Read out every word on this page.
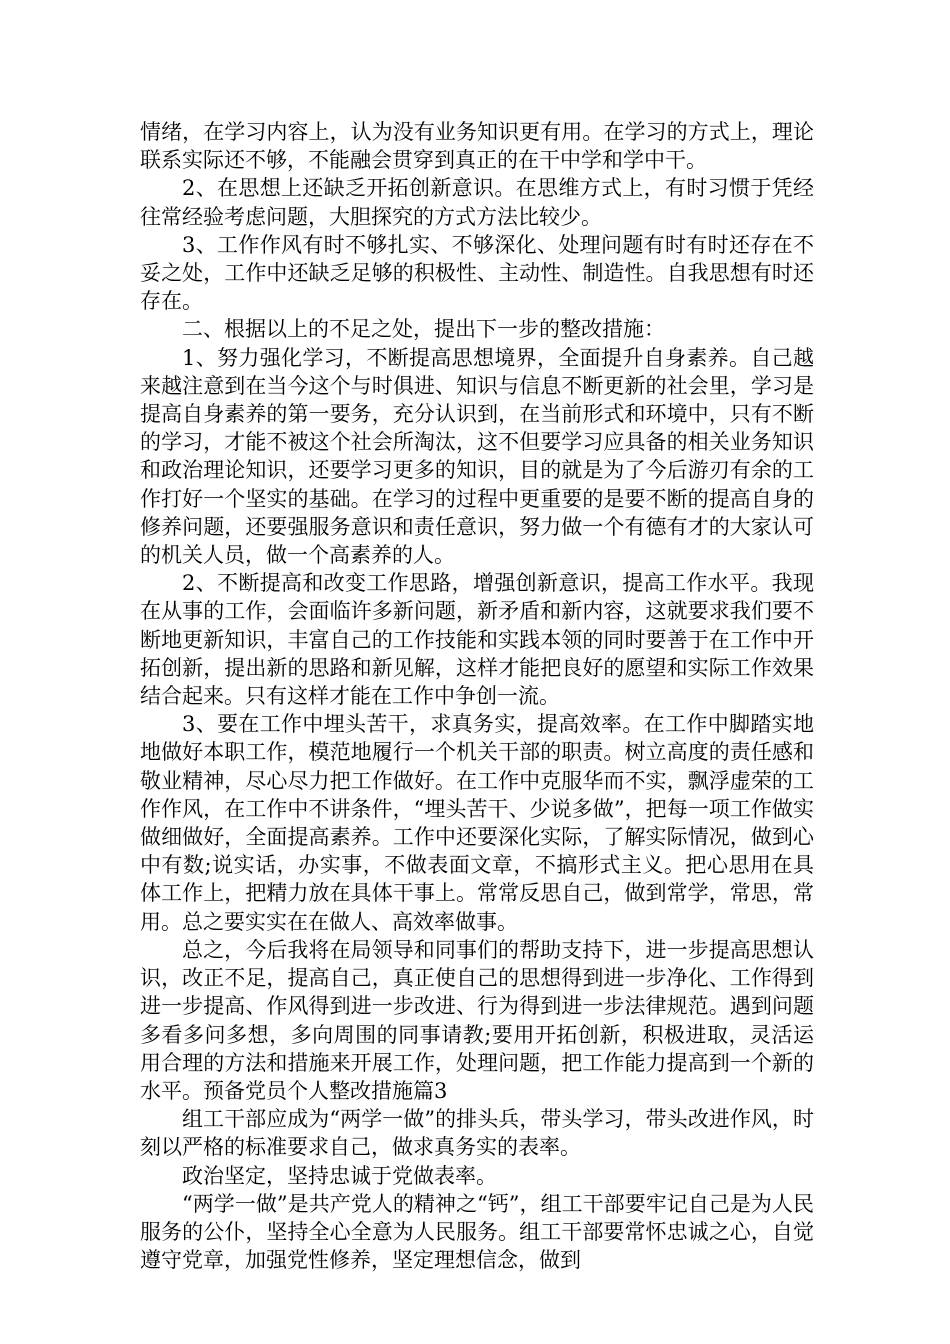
情绪，在学习内容上，认为没有业务知识更有用。在学习的方式上，理论联系实际还不够，不能融会贯穿到真正的在干中学和学中干。

2、在思想上还缺乏开拓创新意识。在思维方式上，有时习惯于凭经往常经验考虑问题，大胆探究的方式方法比较少。

3、工作作风有时不够扎实、不够深化、处理问题有时有时还存在不妥之处，工作中还缺乏足够的积极性、主动性、制造性。自我思想有时还存在。

二、根据以上的不足之处，提出下一步的整改措施：

1、努力强化学习，不断提高思想境界，全面提升自身素养。自己越来越注意到在当今这个与时俱进、知识与信息不断更新的社会里，学习是提高自身素养的第一要务，充分认识到，在当前形式和环境中，只有不断的学习，才能不被这个社会所淘汰，这不但要学习应具备的相关业务知识和政治理论知识，还要学习更多的知识，目的就是为了今后游刃有余的工作打好一个坚实的基础。在学习的过程中更重要的是要不断的提高自身的修养问题，还要强服务意识和责任意识，努力做一个有德有才的大家认可的机关人员，做一个高素养的人。

2、不断提高和改变工作思路，增强创新意识，提高工作水平。我现在从事的工作，会面临许多新问题，新矛盾和新内容，这就要求我们要不断地更新知识，丰富自己的工作技能和实践本领的同时要善于在工作中开拓创新，提出新的思路和新见解，这样才能把良好的愿望和实际工作效果结合起来。只有这样才能在工作中争创一流。

3、要在工作中埋头苦干，求真务实，提高效率。在工作中脚踏实地地做好本职工作，模范地履行一个机关干部的职责。树立高度的责任感和敬业精神，尽心尽力把工作做好。在工作中克服华而不实，飘浮虚荣的工作作风，在工作中不讲条件，“埋头苦干、少说多做”，把每一项工作做实做细做好，全面提高素养。工作中还要深化实际，了解实际情况，做到心中有数;说实话，办实事，不做表面文章，不搞形式主义。把心思用在具体工作上，把精力放在具体干事上。常常反思自己，做到常学，常思，常用。总之要实实在在做人、高效率做事。

总之，今后我将在局领导和同事们的帮助支持下，进一步提高思想认识，改正不足，提高自己，真正使自己的思想得到进一步净化、工作得到进一步提高、作风得到进一步改进、行为得到进一步法律规范。遇到问题多看多问多想，多向周围的同事请教;要用开拓创新，积极进取，灵活运用合理的方法和措施来开展工作，处理问题，把工作能力提高到一个新的水平。预备党员个人整改措施篇3

组工干部应成为“两学一做”的排头兵，带头学习，带头改进作风，时刻以严格的标准要求自己，做求真务实的表率。

政治坚定，坚持忠诚于党做表率。

“两学一做”是共产党人的精神之“钙”，组工干部要牢记自己是为人民服务的公仆，坚持全心全意为人民服务。组工干部要常怀忠诚之心，自觉遵守党章，加强党性修养，坚定理想信念，做到
